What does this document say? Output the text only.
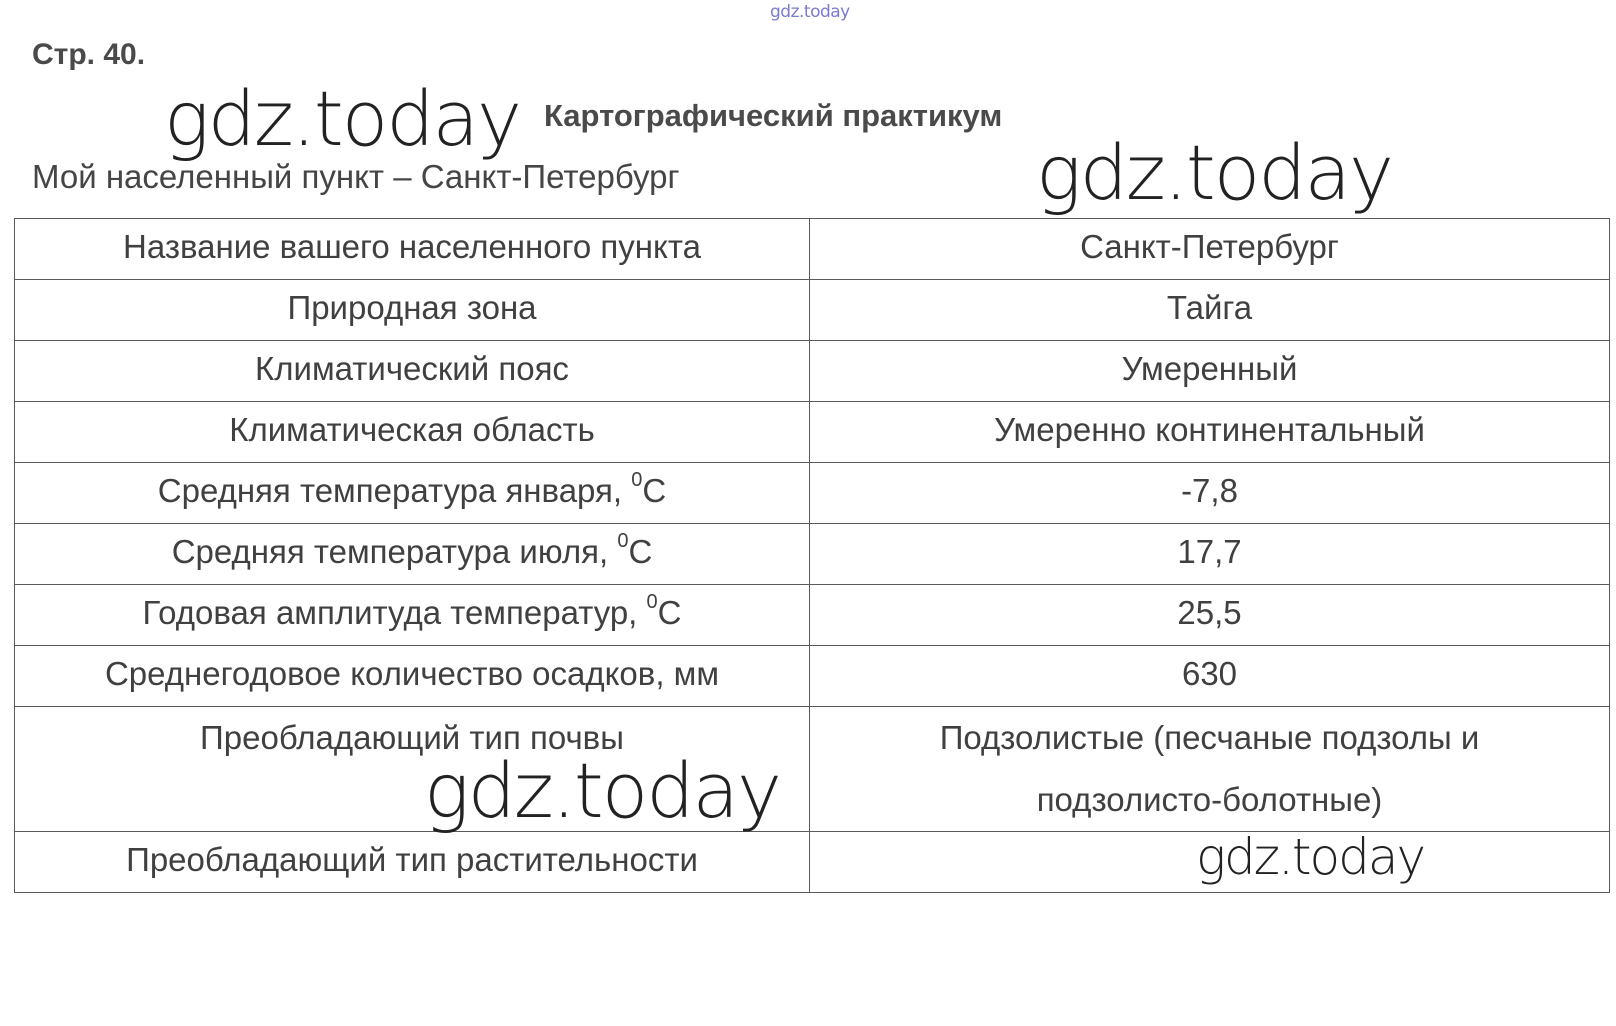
gdz.today
Стр. 40.
Картографический практикум
Мой населенный пункт – Санкт-Петербург
Название вашего населенного пункта	Санкт-Петербург
Природная зона	Тайга
Климатический пояс	Умеренный
Климатическая область	Умеренно континентальный
Средняя температура января, $^0$С	-7,8
Средняя температура июля, $^0$С	17,7
Годовая амплитуда температур, $^0$С	25,5
Среднегодовое количество осадков, мм	630
Преобладающий тип почвы	Подзолистые (песчаные подзолы и
подзолисто-болотные)

Преобладающий тип растительности	
gdz.today
gdz.today
gdz.today
gdz.today
